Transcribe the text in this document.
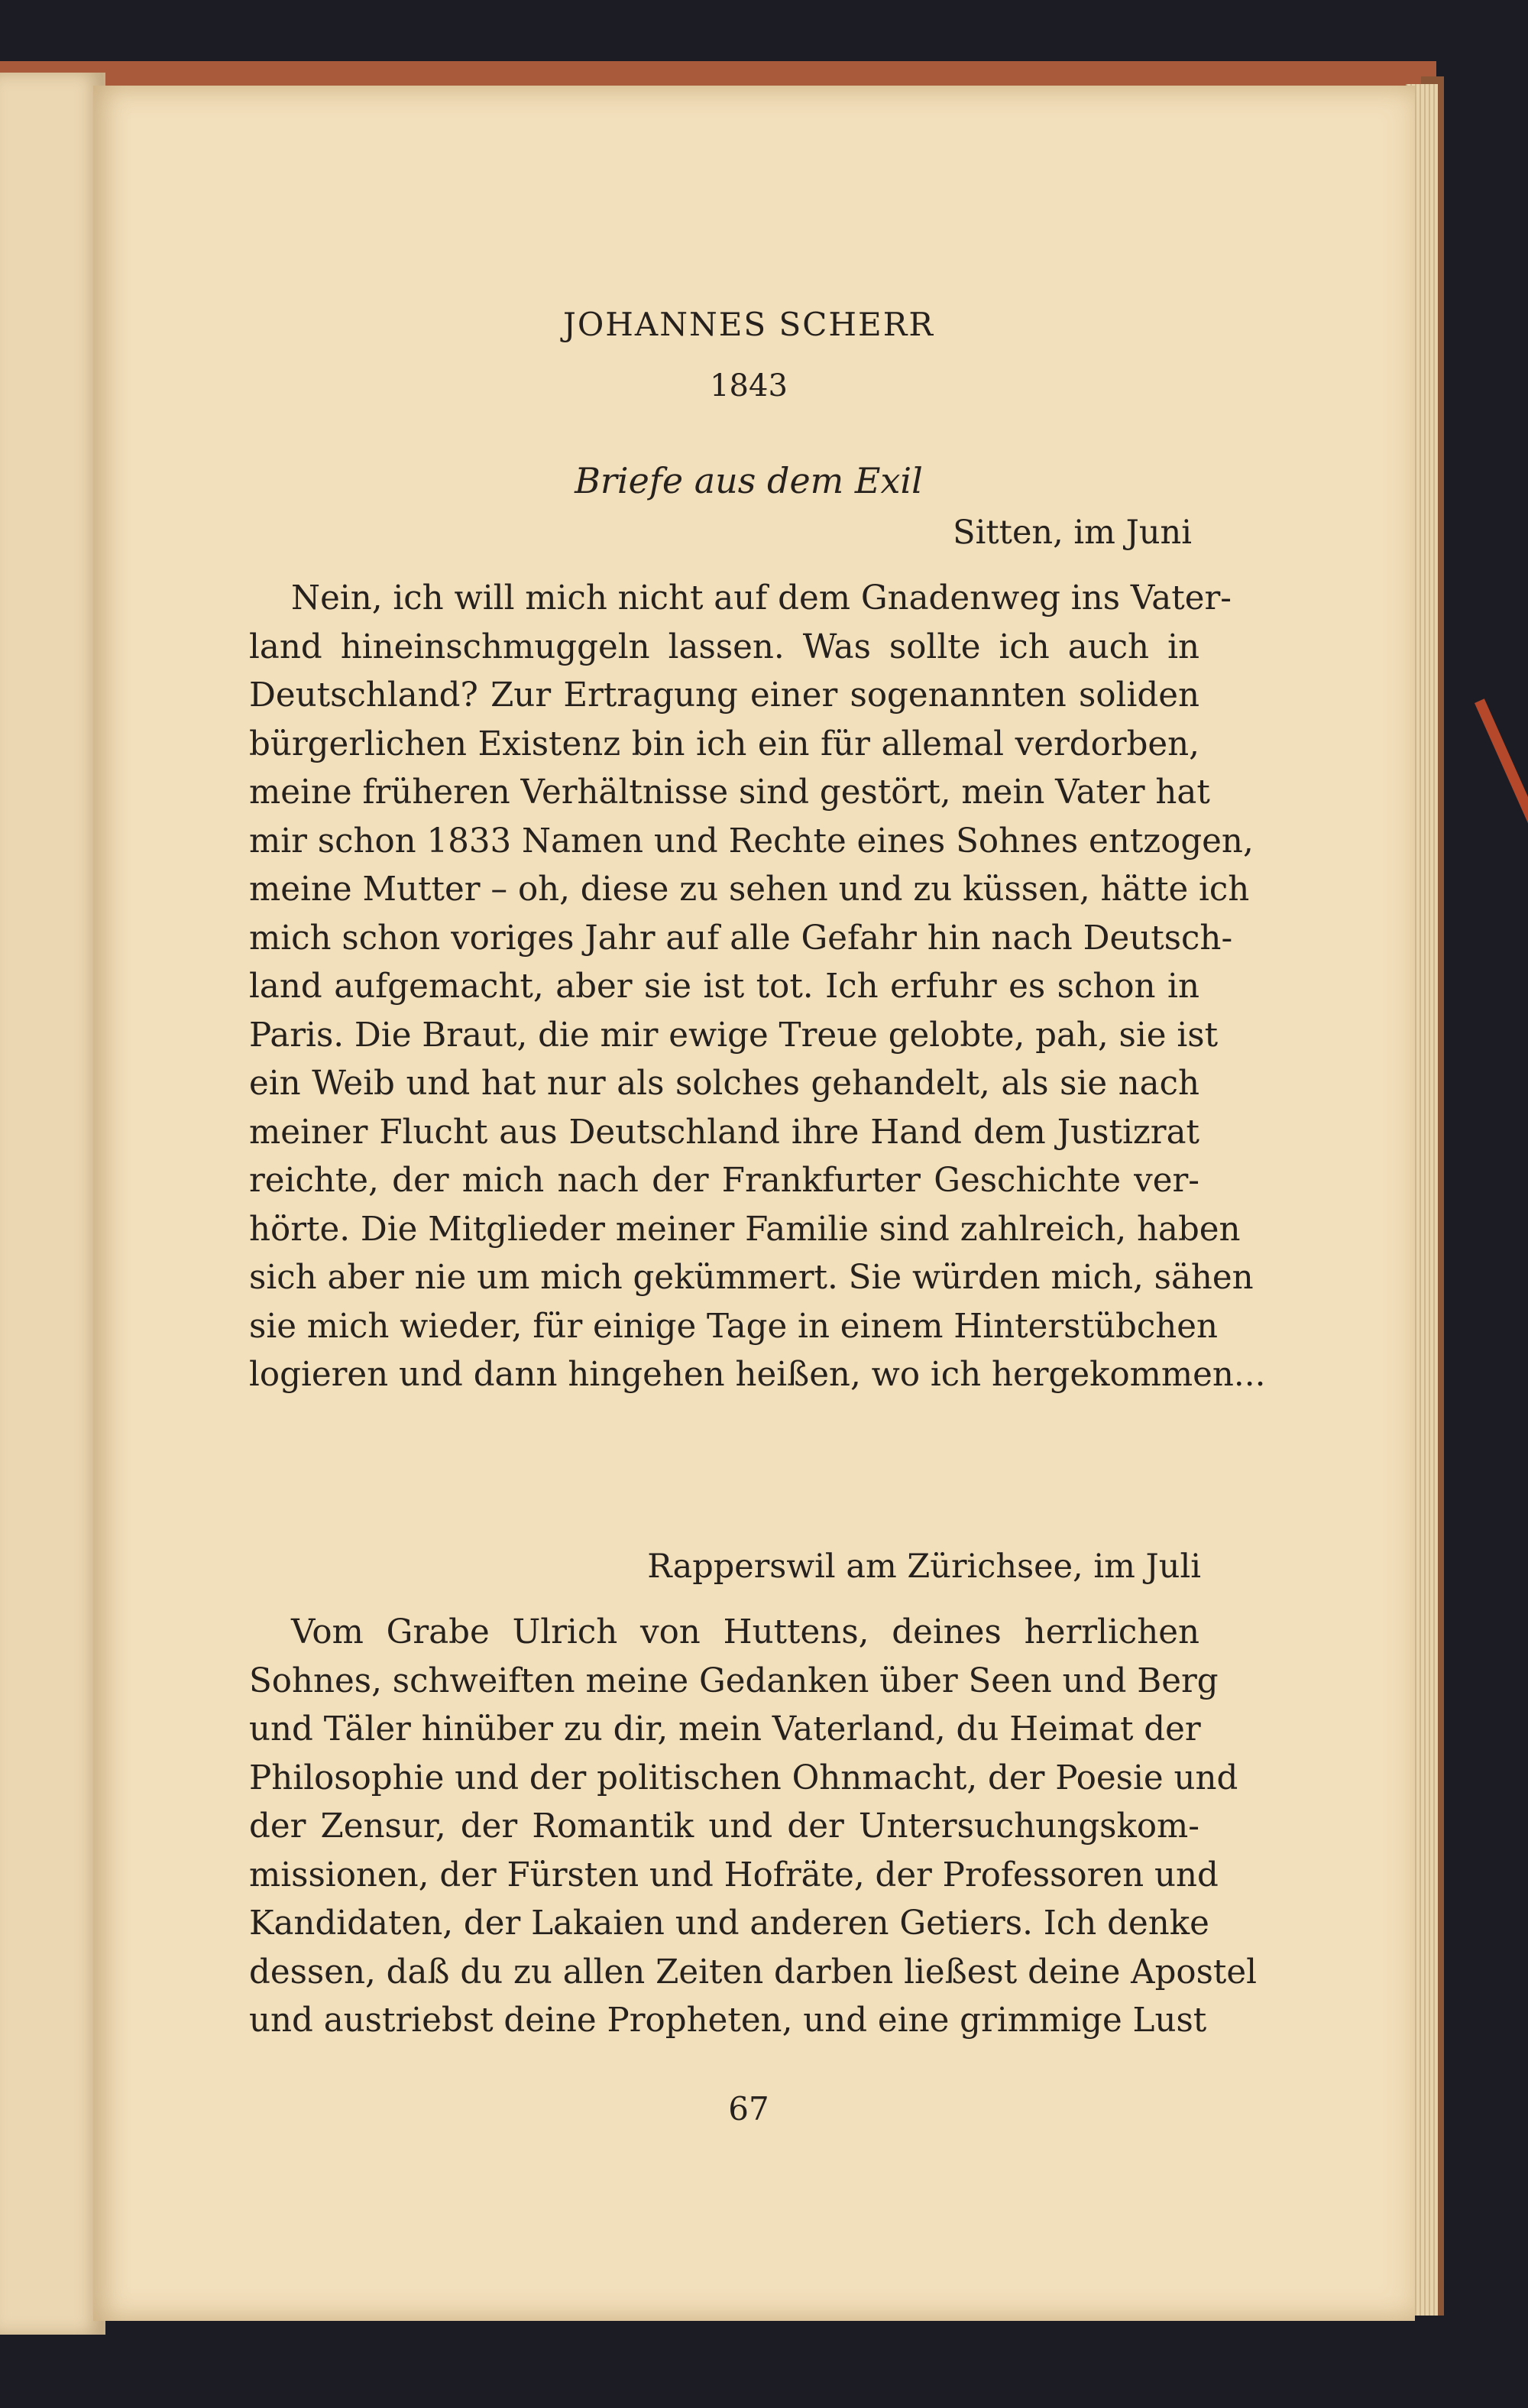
JOHANNES SCHERR
1843
Briefe aus dem Exil
Sitten, im Juni
Nein, ich will mich nicht auf dem Gnadenweg ins Vater-
land hineinschmuggeln lassen. Was sollte ich auch in
Deutschland? Zur Ertragung einer sogenannten soliden
bürgerlichen Existenz bin ich ein für allemal verdorben,
meine früheren Verhältnisse sind gestört, mein Vater hat
mir schon 1833 Namen und Rechte eines Sohnes entzogen,
meine Mutter – oh, diese zu sehen und zu küssen, hätte ich
mich schon voriges Jahr auf alle Gefahr hin nach Deutsch-
land aufgemacht, aber sie ist tot. Ich erfuhr es schon in
Paris. Die Braut, die mir ewige Treue gelobte, pah, sie ist
ein Weib und hat nur als solches gehandelt, als sie nach
meiner Flucht aus Deutschland ihre Hand dem Justizrat
reichte, der mich nach der Frankfurter Geschichte ver-
hörte. Die Mitglieder meiner Familie sind zahlreich, haben
sich aber nie um mich gekümmert. Sie würden mich, sähen
sie mich wieder, für einige Tage in einem Hinterstübchen
logieren und dann hingehen heißen, wo ich hergekommen...
Rapperswil am Zürichsee, im Juli
Vom Grabe Ulrich von Huttens, deines herrlichen
Sohnes, schweiften meine Gedanken über Seen und Berg
und Täler hinüber zu dir, mein Vaterland, du Heimat der
Philosophie und der politischen Ohnmacht, der Poesie und
der Zensur, der Romantik und der Untersuchungskom-
missionen, der Fürsten und Hofräte, der Professoren und
Kandidaten, der Lakaien und anderen Getiers. Ich denke
dessen, daß du zu allen Zeiten darben ließest deine Apostel
und austriebst deine Propheten, und eine grimmige Lust
67
